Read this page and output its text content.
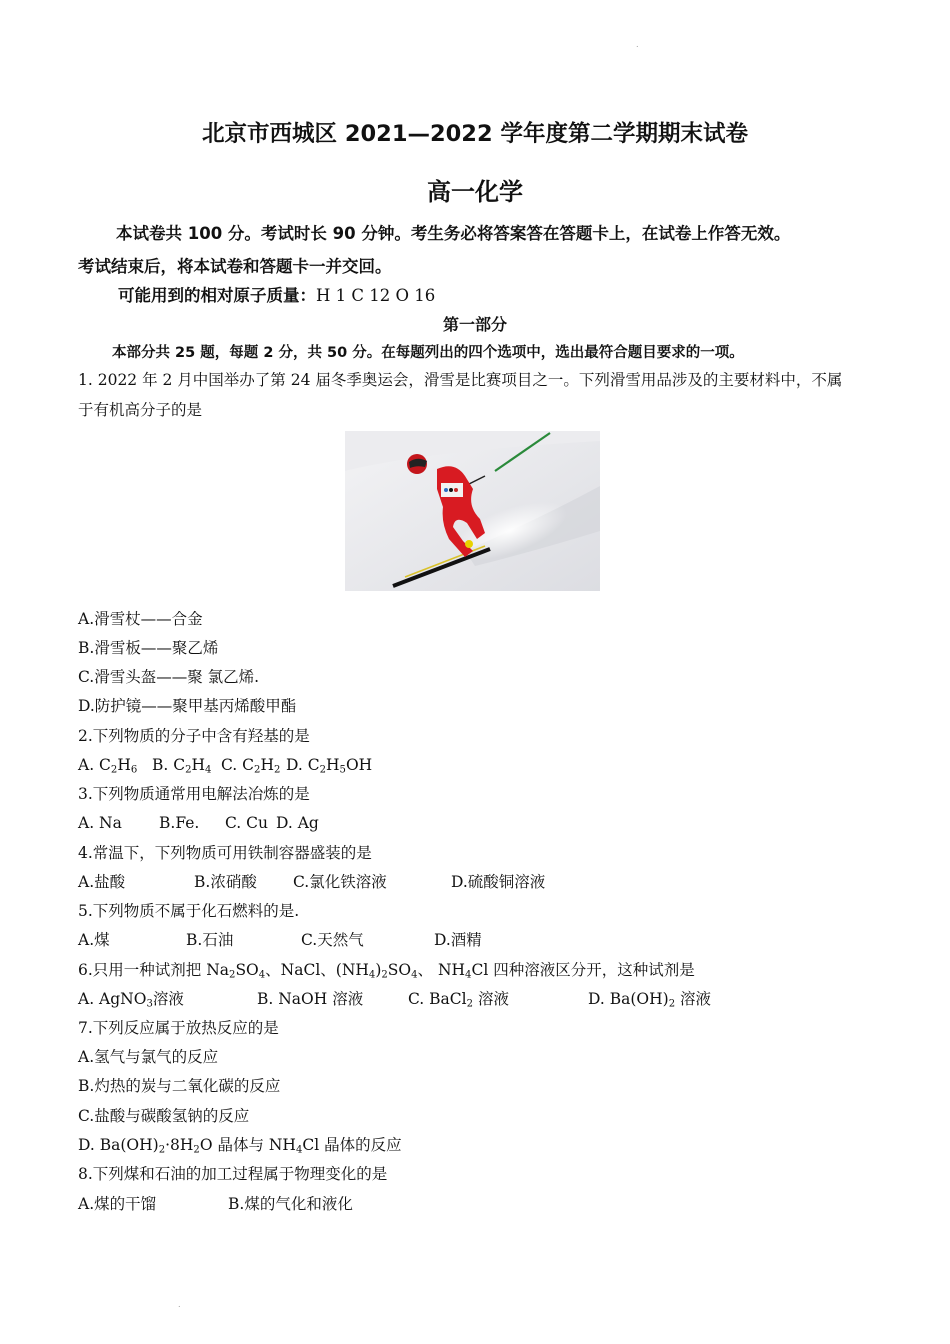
.
北京市西城区 2021—2022 学年度第二学期期末试卷
高一化学
本试卷共 100 分。考试时长 90 分钟。考生务必将答案答在答题卡上，在试卷上作答无效。
考试结束后，将本试卷和答题卡一并交回。
可能用到的相对原子质量：H 1 C 12 O 16
第一部分
本部分共 25 题，每题 2 分，共 50 分。在每题列出的四个选项中，选出最符合题目要求的一项。
1. 2022 年 2 月中国举办了第 24 届冬季奥运会，滑雪是比赛项目之一。下列滑雪用品涉及的主要材料中，不属
于有机高分子的是
A.滑雪杖——合金
B.滑雪板——聚乙烯
C.滑雪头盔——聚 氯乙烯.
D.防护镜——聚甲基丙烯酸甲酯
2.下列物质的分子中含有羟基的是
A. $C_2H_6$ B. $C_2H_4$ C. $C_2H_2$ D. $C_2H_5OH$
3.下列物质通常用电解法冶炼的是
A. Na B.Fe. C. Cu D. Ag
4.常温下，下列物质可用铁制容器盛装的是
A.盐酸	B.浓硝酸 C.氯化铁溶液	D.硫酸铜溶液
5.下列物质不属于化石燃料的是.
A.煤	B.石油	C.天然气	D.酒精
6.只用一种试剂把 $Na_2SO_4$、NaCl、$(NH_4)_2SO_4$、 $NH_4Cl$ 四种溶液区分开，这种试剂是
A. AgNO$_3$溶液	B. NaOH 溶液	C. BaCl$_2$ 溶液	D. $Ba(OH)_2$ 溶液
7.下列反应属于放热反应的是
A.氢气与氯气的反应
B.灼热的炭与二氧化碳的反应
C.盐酸与碳酸氢钠的反应
D. $Ba(OH)_2\cdot 8H_2O$ 晶体与 $NH_4Cl$ 晶体的反应
8.下列煤和石油的加工过程属于物理变化的是
A.煤的干馏	B.煤的气化和液化
.
